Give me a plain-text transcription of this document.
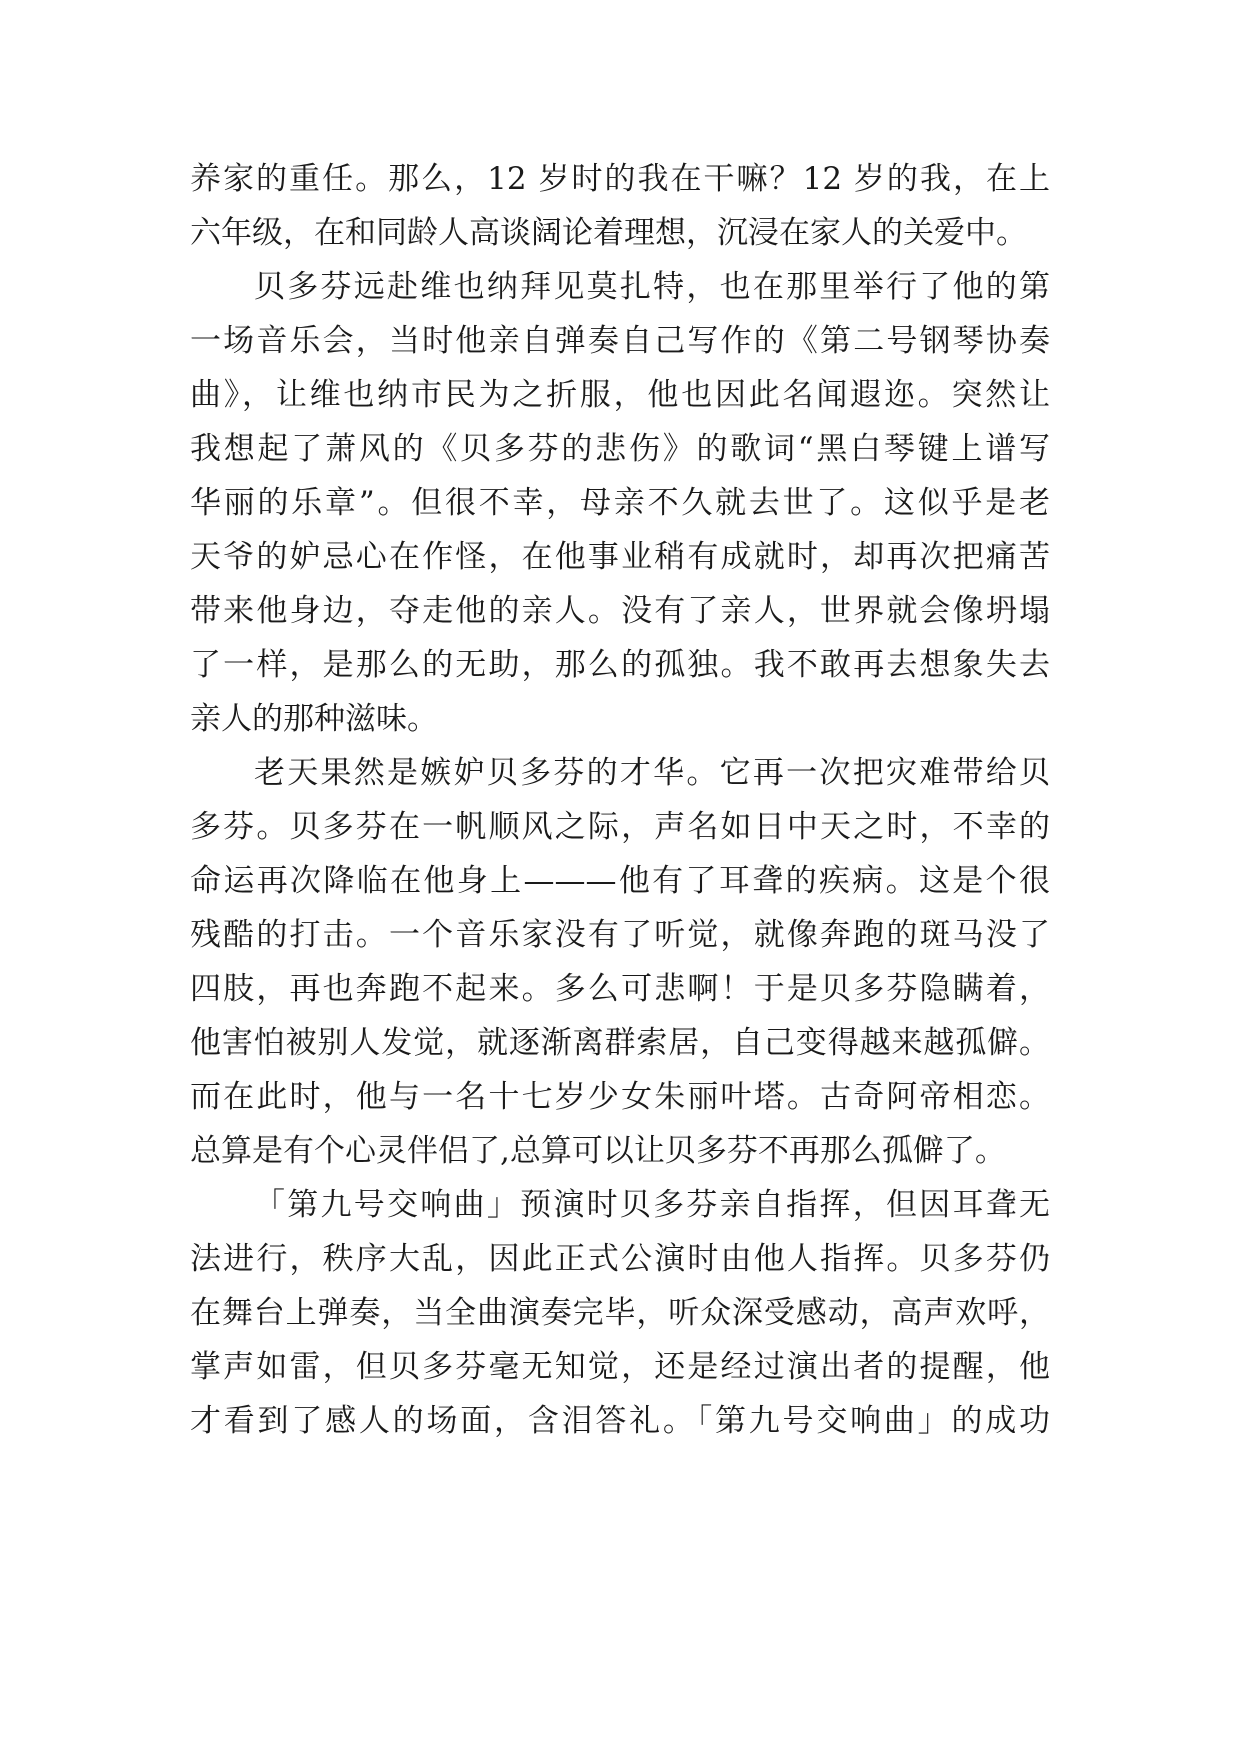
养家的重任。那么，12 岁时的我在干嘛？12 岁的我，在上
六年级，在和同龄人高谈阔论着理想，沉浸在家人的关爱中。
贝多芬远赴维也纳拜见莫扎特，也在那里举行了他的第
一场音乐会，当时他亲自弹奏自己写作的《第二号钢琴协奏
曲》，让维也纳市民为之折服，他也因此名闻遐迩。突然让
我想起了萧风的《贝多芬的悲伤》的歌词“黑白琴键上谱写
华丽的乐章”。但很不幸，母亲不久就去世了。这似乎是老
天爷的妒忌心在作怪，在他事业稍有成就时，却再次把痛苦
带来他身边，夺走他的亲人。没有了亲人，世界就会像坍塌
了一样，是那么的无助，那么的孤独。我不敢再去想象失去
亲人的那种滋味。
老天果然是嫉妒贝多芬的才华。它再一次把灾难带给贝
多芬。贝多芬在一帆顺风之际，声名如日中天之时，不幸的
命运再次降临在他身上———他有了耳聋的疾病。这是个很
残酷的打击。一个音乐家没有了听觉，就像奔跑的斑马没了
四肢，再也奔跑不起来。多么可悲啊！于是贝多芬隐瞒着，
他害怕被别人发觉，就逐渐离群索居，自己变得越来越孤僻。
而在此时，他与一名十七岁少女朱丽叶塔。古奇阿帝相恋。
总算是有个心灵伴侣了,总算可以让贝多芬不再那么孤僻了。
「第九号交响曲」预演时贝多芬亲自指挥，但因耳聋无
法进行，秩序大乱，因此正式公演时由他人指挥。贝多芬仍
在舞台上弹奏，当全曲演奏完毕，听众深受感动，高声欢呼，
掌声如雷，但贝多芬毫无知觉，还是经过演出者的提醒，他
才看到了感人的场面，含泪答礼。「第九号交响曲」的成功
